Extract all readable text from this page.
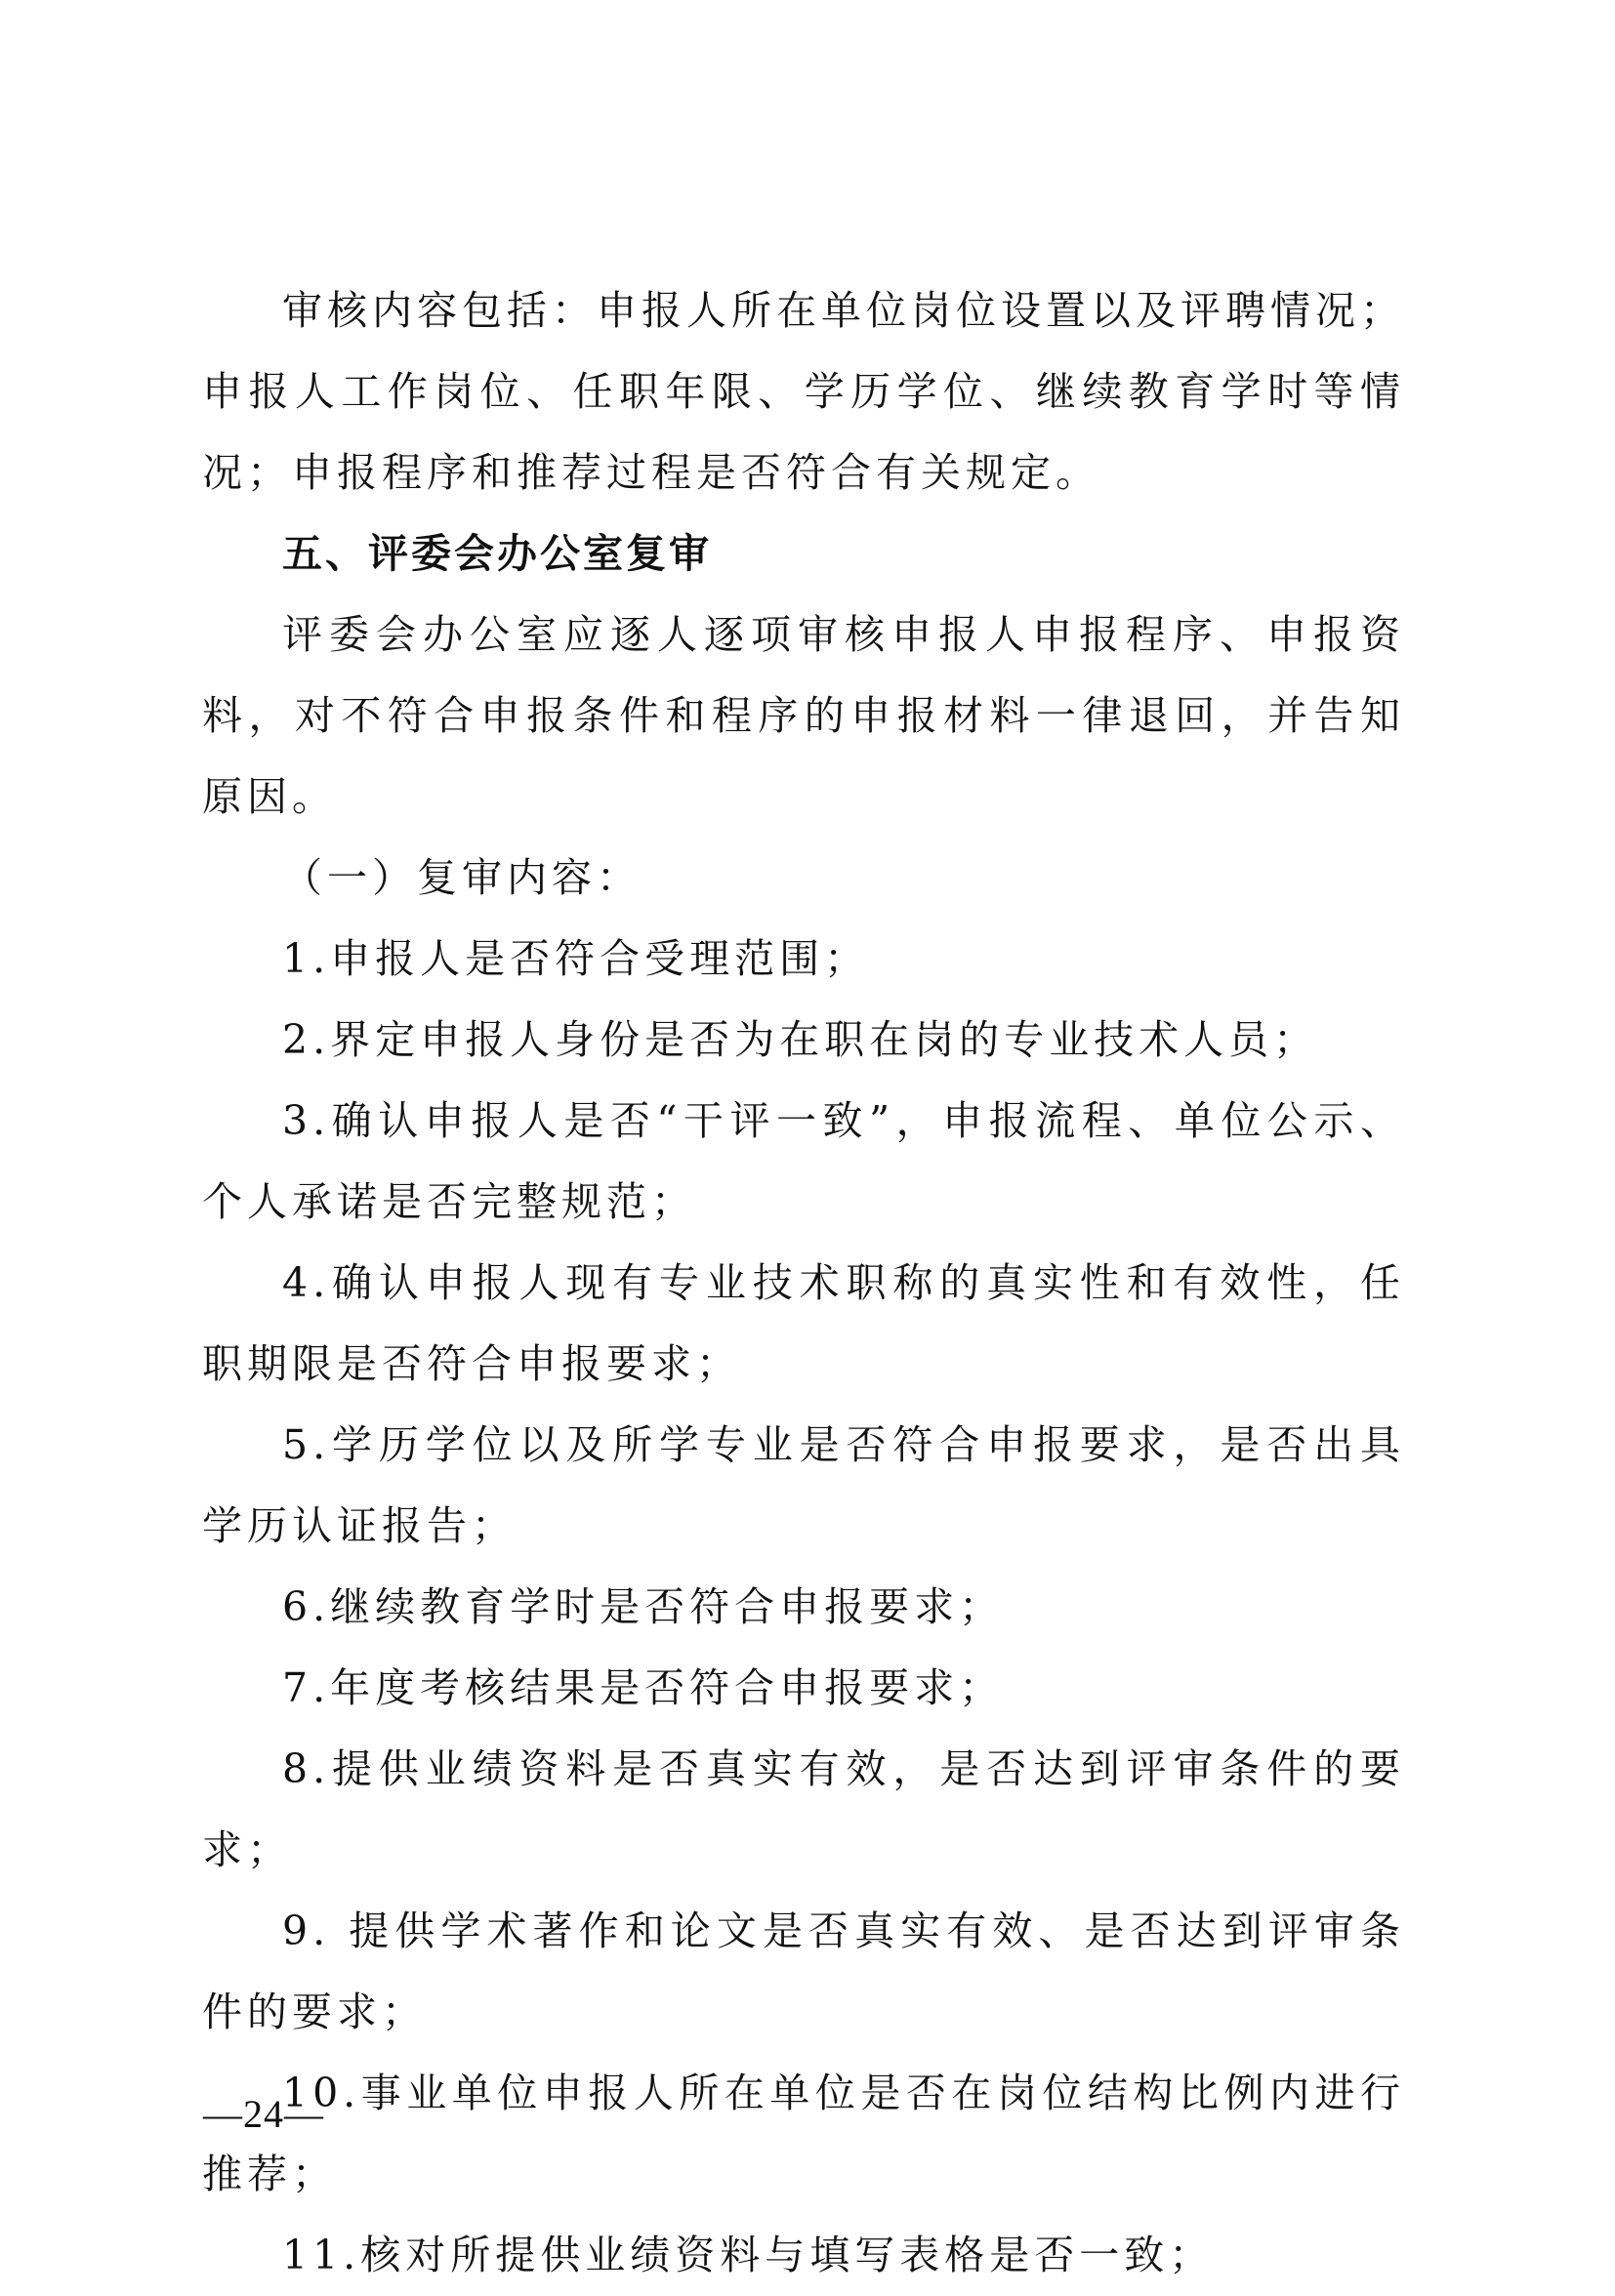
审核内容包括：申报人所在单位岗位设置以及评聘情况；申报人工作岗位、任职年限、学历学位、继续教育学时等情况；申报程序和推荐过程是否符合有关规定。

五、评委会办公室复审

评委会办公室应逐人逐项审核申报人申报程序、申报资料，对不符合申报条件和程序的申报材料一律退回，并告知原因。

（一）复审内容：

1.申报人是否符合受理范围；

2.界定申报人身份是否为在职在岗的专业技术人员；

3.确认申报人是否“干评一致”，申报流程、单位公示、个人承诺是否完整规范；

4.确认申报人现有专业技术职称的真实性和有效性，任职期限是否符合申报要求；

5.学历学位以及所学专业是否符合申报要求，是否出具学历认证报告；

6.继续教育学时是否符合申报要求；

7.年度考核结果是否符合申报要求；

8.提供业绩资料是否真实有效，是否达到评审条件的要求；

9. 提供学术著作和论文是否真实有效、是否达到评审条件的要求；

10.事业单位申报人所在单位是否在岗位结构比例内进行推荐；

11.核对所提供业绩资料与填写表格是否一致；

—24—
